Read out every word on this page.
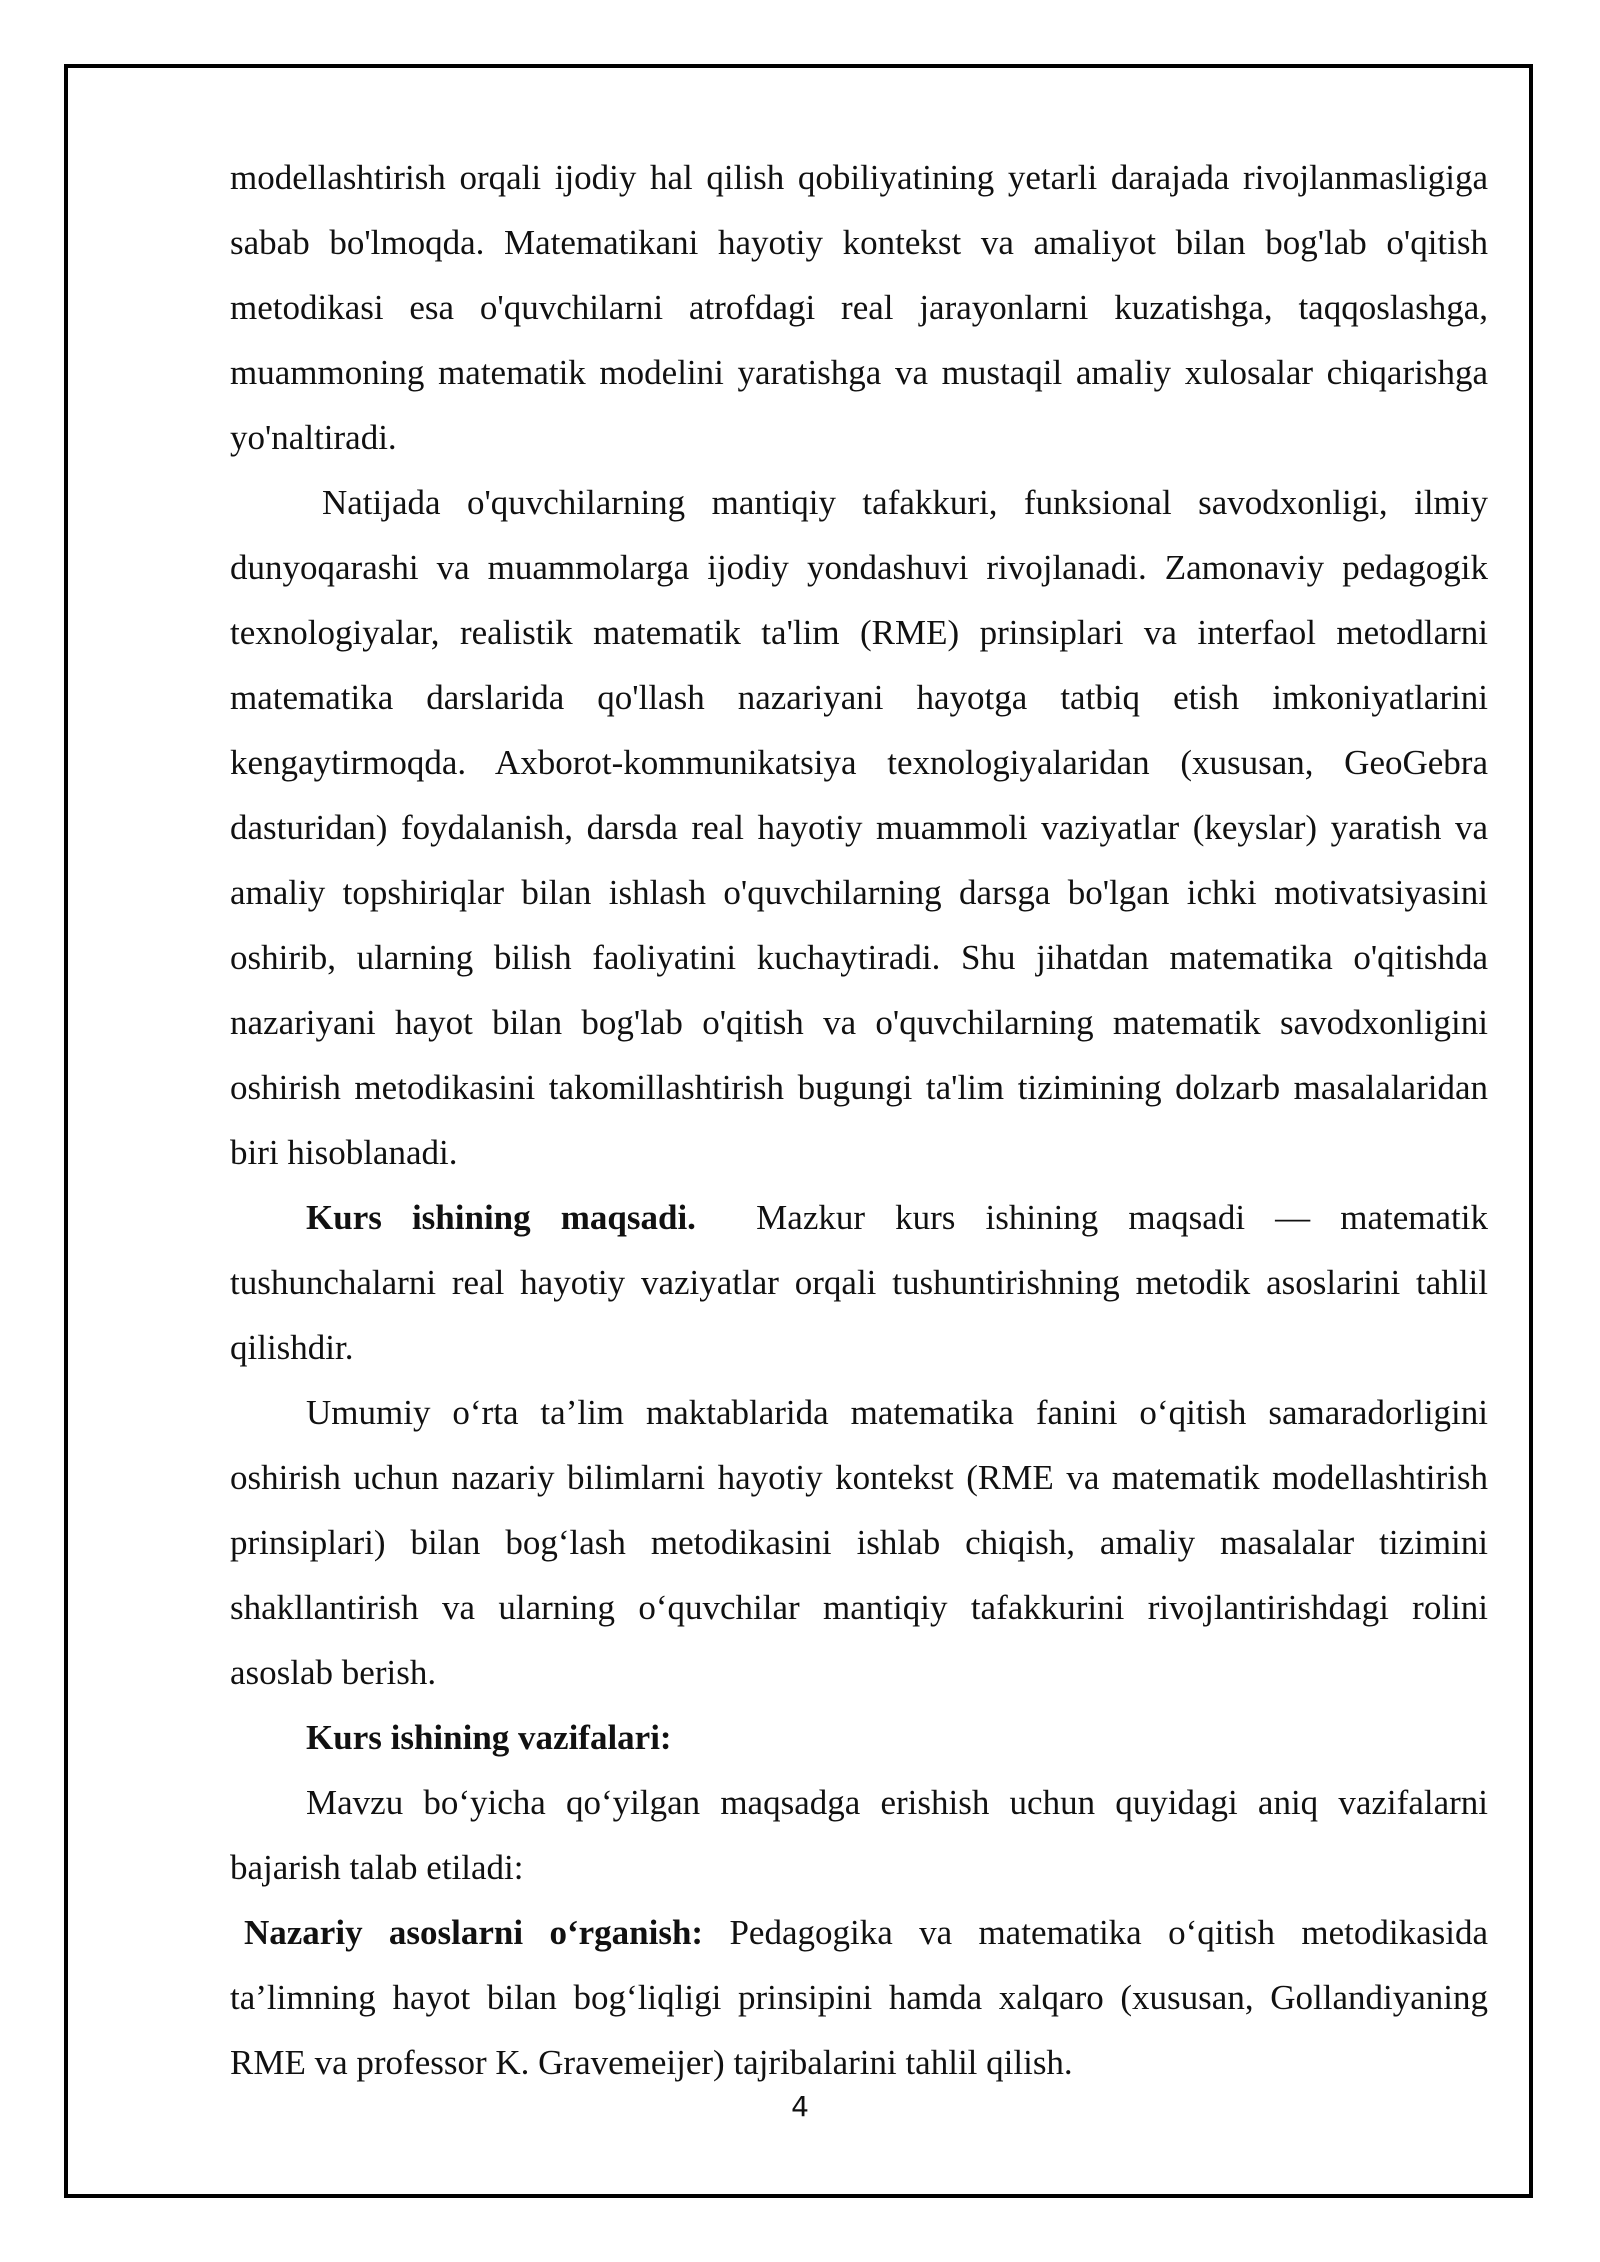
modellashtirish orqali ijodiy hal qilish qobiliyatining yetarli darajada rivojlanmasligiga sabab bo'lmoqda. Matematikani hayotiy kontekst va amaliyot bilan bog'lab o'qitish metodikasi esa o'quvchilarni atrofdagi real jarayonlarni kuzatishga, taqqoslashga, muammoning matematik modelini yaratishga va mustaqil amaliy xulosalar chiqarishga yo'naltiradi.

Natijada o'quvchilarning mantiqiy tafakkuri, funksional savodxonligi, ilmiy dunyoqarashi va muammolarga ijodiy yondashuvi rivojlanadi. Zamonaviy pedagogik texnologiyalar, realistik matematik ta'lim (RME) prinsiplari va interfaol metodlarni matematika darslarida qo'llash nazariyani hayotga tatbiq etish imkoniyatlarini kengaytirmoqda. Axborot-kommunikatsiya texnologiyalaridan (xususan, GeoGebra dasturidan) foydalanish, darsda real hayotiy muammoli vaziyatlar (keyslar) yaratish va amaliy topshiriqlar bilan ishlash o'quvchilarning darsga bo'lgan ichki motivatsiyasini oshirib, ularning bilish faoliyatini kuchaytiradi. Shu jihatdan matematika o'qitishda nazariyani hayot bilan bog'lab o'qitish va o'quvchilarning matematik savodxonligini oshirish metodikasini takomillashtirish bugungi ta'lim tizimining dolzarb masalalaridan biri hisoblanadi.

Kurs ishining maqsadi. Mazkur kurs ishining maqsadi — matematik tushunchalarni real hayotiy vaziyatlar orqali tushuntirishning metodik asoslarini tahlil qilishdir.

Umumiy o‘rta ta’lim maktablarida matematika fanini o‘qitish samaradorligini oshirish uchun nazariy bilimlarni hayotiy kontekst (RME va matematik modellashtirish prinsiplari) bilan bog‘lash metodikasini ishlab chiqish, amaliy masalalar tizimini shakllantirish va ularning o‘quvchilar mantiqiy tafakkurini rivojlantirishdagi rolini asoslab berish.

Kurs ishining vazifalari:

Mavzu bo‘yicha qo‘yilgan maqsadga erishish uchun quyidagi aniq vazifalarni bajarish talab etiladi:

Nazariy asoslarni o‘rganish: Pedagogika va matematika o‘qitish metodikasida ta’limning hayot bilan bog‘liqligi prinsipini hamda xalqaro (xususan, Gollandiyaning RME va professor K. Gravemeijer) tajribalarini tahlil qilish.

4
